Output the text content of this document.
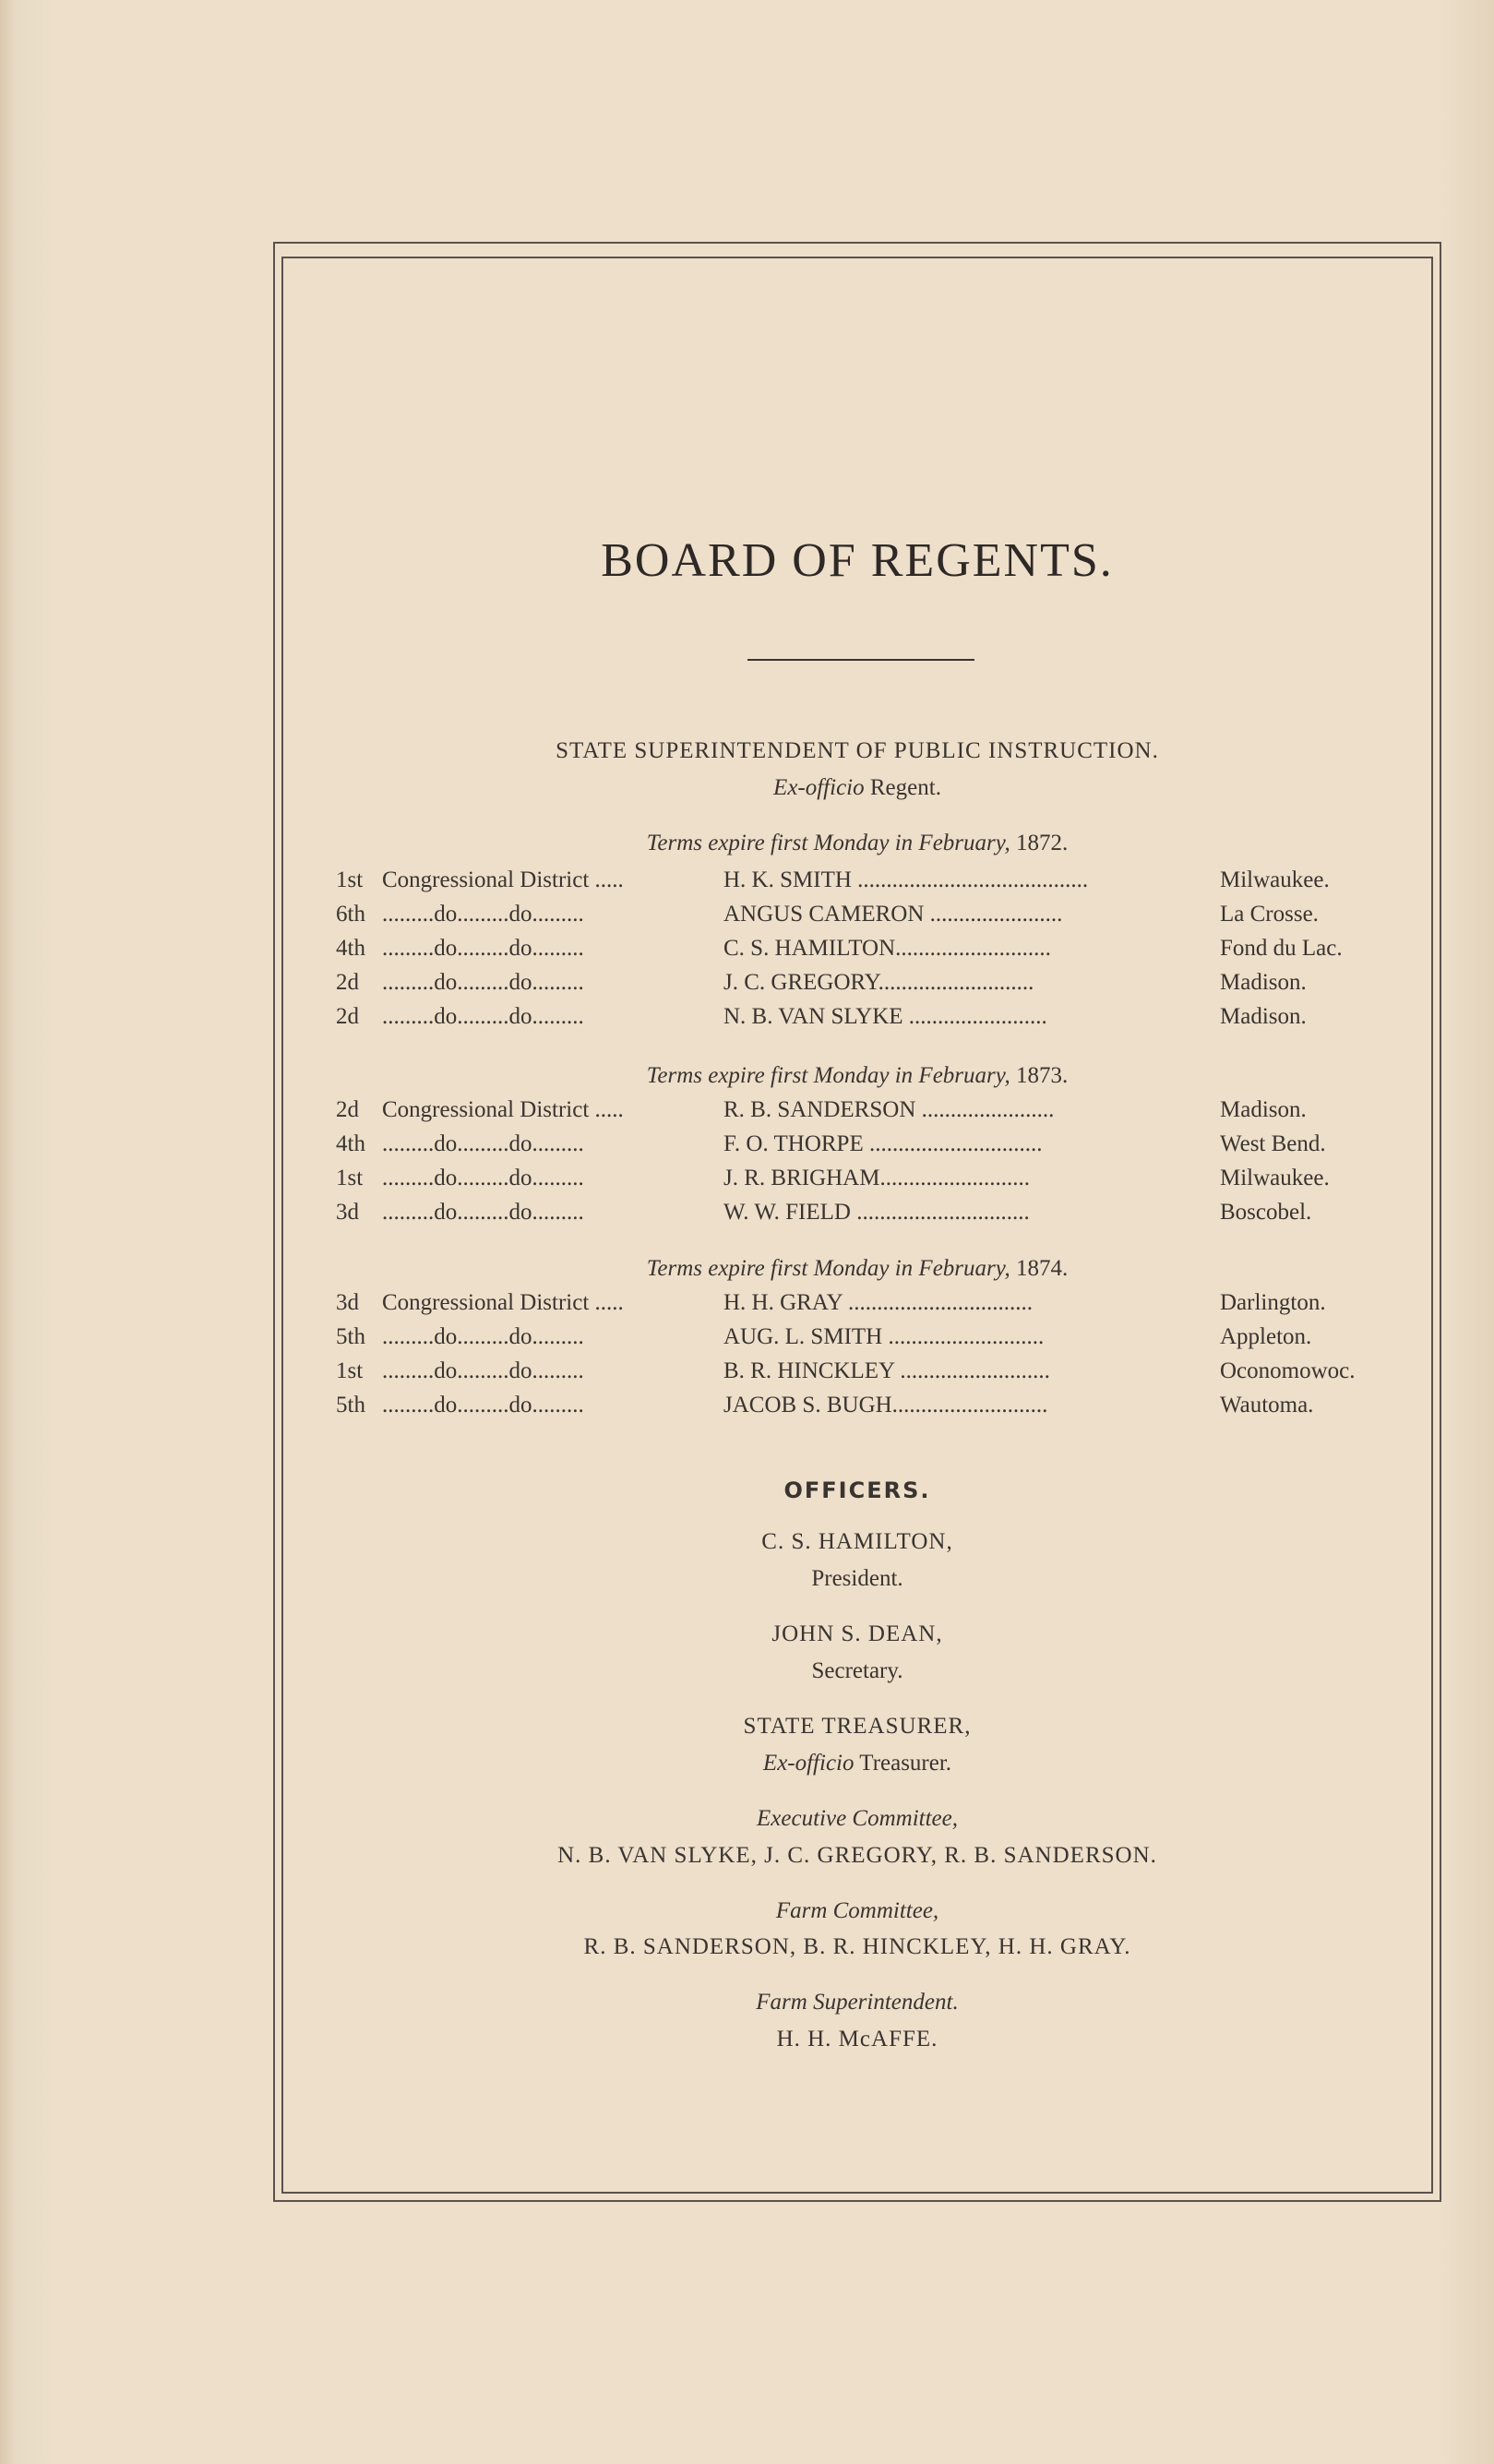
BOARD OF REGENTS.
STATE SUPERINTENDENT OF PUBLIC INSTRUCTION.
Ex-officio Regent.
Terms expire first Monday in February, 1872.
1st Congressional District .....	H. K. SMITH ........................................	Milwaukee.
6th .........do.........do.........	ANGUS CAMERON .......................	La Crosse.
4th .........do.........do.........	C. S. HAMILTON...........................	Fond du Lac.
2d .........do.........do.........	J. C. GREGORY...........................	Madison.
2d .........do.........do.........	N. B. VAN SLYKE ........................	Madison.
Terms expire first Monday in February, 1873.
2d Congressional District .....	R. B. SANDERSON .......................	Madison.
4th .........do.........do.........	F. O. THORPE ..............................	West Bend.
1st .........do.........do.........	J. R. BRIGHAM..........................	Milwaukee.
3d .........do.........do.........	W. W. FIELD ..............................	Boscobel.
Terms expire first Monday in February, 1874.
3d Congressional District .....	H. H. GRAY ................................	Darlington.
5th .........do.........do.........	AUG. L. SMITH ...........................	Appleton.
1st .........do.........do.........	B. R. HINCKLEY ..........................	Oconomowoc.
5th .........do.........do.........	JACOB S. BUGH...........................	Wautoma.
OFFICERS.
C. S. HAMILTON,
President.
JOHN S. DEAN,
Secretary.
STATE TREASURER,
Ex-officio Treasurer.
Executive Committee,
N. B. VAN SLYKE, J. C. GREGORY, R. B. SANDERSON.
Farm Committee,
R. B. SANDERSON, B. R. HINCKLEY, H. H. GRAY.
Farm Superintendent.
H. H. McAFFE.
